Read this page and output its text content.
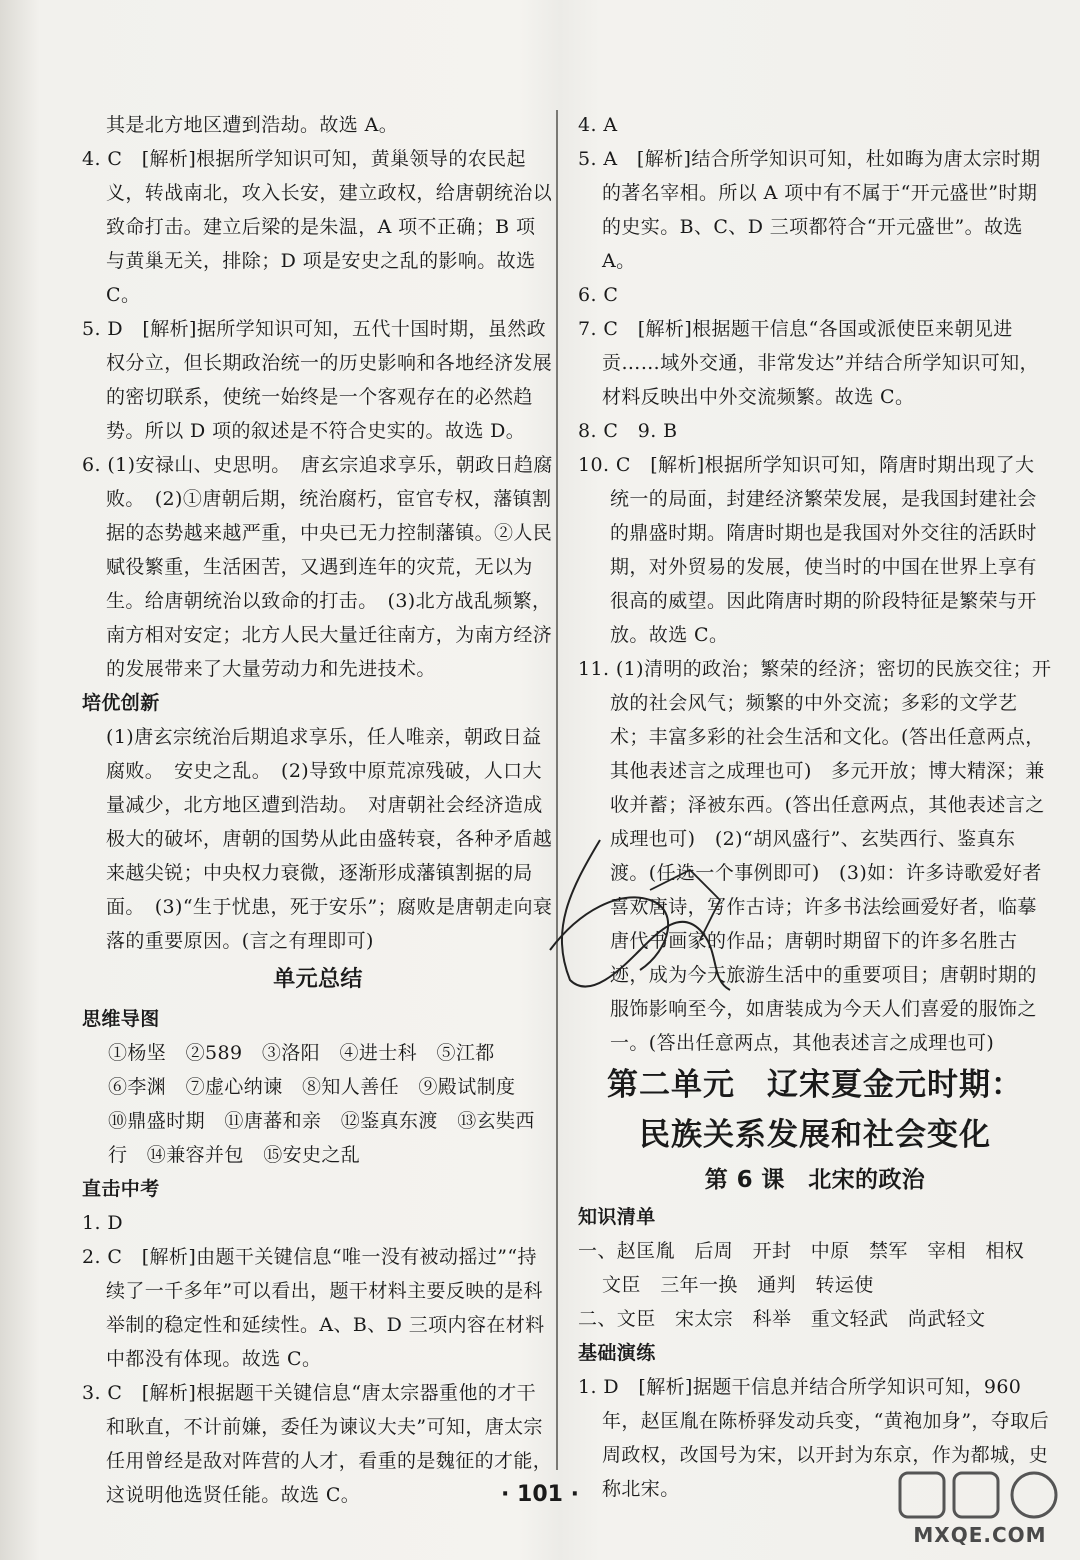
其是北方地区遭到浩劫。故选 A。

4. C　[解析]根据所学知识可知，黄巢领导的农民起义，转战南北，攻入长安，建立政权，给唐朝统治以致命打击。建立后梁的是朱温，A 项不正确；B 项与黄巢无关，排除；D 项是安史之乱的影响。故选 C。

5. D　[解析]据所学知识可知，五代十国时期，虽然政权分立，但长期政治统一的历史影响和各地经济发展的密切联系，使统一始终是一个客观存在的必然趋势。所以 D 项的叙述是不符合史实的。故选 D。

6. (1)安禄山、史思明。　唐玄宗追求享乐，朝政日趋腐败。　(2)①唐朝后期，统治腐朽，宦官专权，藩镇割据的态势越来越严重，中央已无力控制藩镇。②人民赋役繁重，生活困苦，又遇到连年的灾荒，无以为生。给唐朝统治以致命的打击。　(3)北方战乱频繁，南方相对安定；北方人民大量迁往南方，为南方经济的发展带来了大量劳动力和先进技术。

培优创新

(1)唐玄宗统治后期追求享乐，任人唯亲，朝政日益腐败。　安史之乱。　(2)导致中原荒凉残破，人口大量减少，北方地区遭到浩劫。　对唐朝社会经济造成极大的破坏，唐朝的国势从此由盛转衰，各种矛盾越来越尖锐；中央权力衰微，逐渐形成藩镇割据的局面。　(3)“生于忧患，死于安乐”；腐败是唐朝走向衰落的重要原因。(言之有理即可)

单元总结

思维导图

①杨坚　②589　③洛阳　④进士科　⑤江都

⑥李渊　⑦虚心纳谏　⑧知人善任　⑨殿试制度

⑩鼎盛时期　⑪唐蕃和亲　⑫鉴真东渡　⑬玄奘西

行　⑭兼容并包　⑮安史之乱

直击中考

1. D

2. C　[解析]由题干关键信息“唯一没有被动摇过”“持续了一千多年”可以看出，题干材料主要反映的是科举制的稳定性和延续性。A、B、D 三项内容在材料中都没有体现。故选 C。

3. C　[解析]根据题干关键信息“唐太宗器重他的才干和耿直，不计前嫌，委任为谏议大夫”可知，唐太宗任用曾经是敌对阵营的人才，看重的是魏征的才能，这说明他选贤任能。故选 C。

4. A

5. A　[解析]结合所学知识可知，杜如晦为唐太宗时期的著名宰相。所以 A 项中有不属于“开元盛世”时期的史实。B、C、D 三项都符合“开元盛世”。故选 A。

6. C

7. C　[解析]根据题干信息“各国或派使臣来朝见进贡……域外交通，非常发达”并结合所学知识可知，材料反映出中外交流频繁。故选 C。

8. C　9. B

10. C　[解析]根据所学知识可知，隋唐时期出现了大统一的局面，封建经济繁荣发展，是我国封建社会的鼎盛时期。隋唐时期也是我国对外交往的活跃时期，对外贸易的发展，使当时的中国在世界上享有很高的威望。因此隋唐时期的阶段特征是繁荣与开放。故选 C。

11. (1)清明的政治；繁荣的经济；密切的民族交往；开放的社会风气；频繁的中外交流；多彩的文学艺术；丰富多彩的社会生活和文化。(答出任意两点，其他表述言之成理也可)　多元开放；博大精深；兼收并蓄；泽被东西。(答出任意两点，其他表述言之成理也可)　(2)“胡风盛行”、玄奘西行、鉴真东渡。(任选一个事例即可)　(3)如：许多诗歌爱好者喜欢唐诗，写作古诗；许多书法绘画爱好者，临摹唐代书画家的作品；唐朝时期留下的许多名胜古迹，成为今天旅游生活中的重要项目；唐朝时期的服饰影响至今，如唐装成为今天人们喜爱的服饰之一。(答出任意两点，其他表述言之成理也可)

第二单元　辽宋夏金元时期：

民族关系发展和社会变化

第 6 课　北宋的政治

知识清单

一、赵匡胤　后周　开封　中原　禁军　宰相　相权

文臣　三年一换　通判　转运使

二、文臣　宋太宗　科举　重文轻武　尚武轻文

基础演练

1. D　[解析]据题干信息并结合所学知识可知，960 年，赵匡胤在陈桥驿发动兵变，“黄袍加身”，夺取后周政权，改国号为宋，以开封为东京，作为都城，史称北宋。

· 101 ·
MXQE.COM
